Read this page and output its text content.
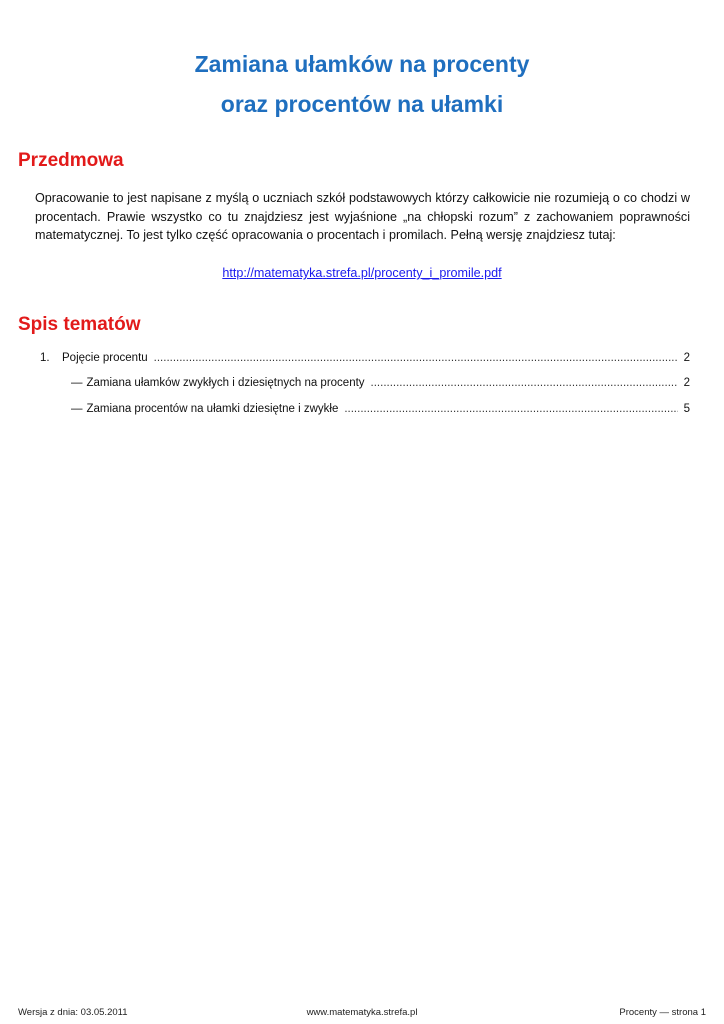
Zamiana ułamków na procenty
oraz procentów na ułamki
Przedmowa
Opracowanie to jest napisane z myślą o uczniach szkół podstawowych którzy całkowicie nie rozumieją o co chodzi w procentach. Prawie wszystko co tu znajdziesz jest wyjaśnione „na chłopski rozum” z zachowaniem poprawności matematycznej. To jest tylko część opracowania o procentach i promilach. Pełną wersję znajdziesz tutaj:
http://matematyka.strefa.pl/procenty_i_promile.pdf
Spis tematów
1.	Pojęcie procentu .....	2
— Zamiana ułamków zwykłych i dziesiętnych na procenty .....	2
— Zamiana procentów na ułamki dziesiętne i zwykłe .....	5
Wersja z dnia: 03.05.2011	www.matematyka.strefa.pl	Procenty — strona 1
